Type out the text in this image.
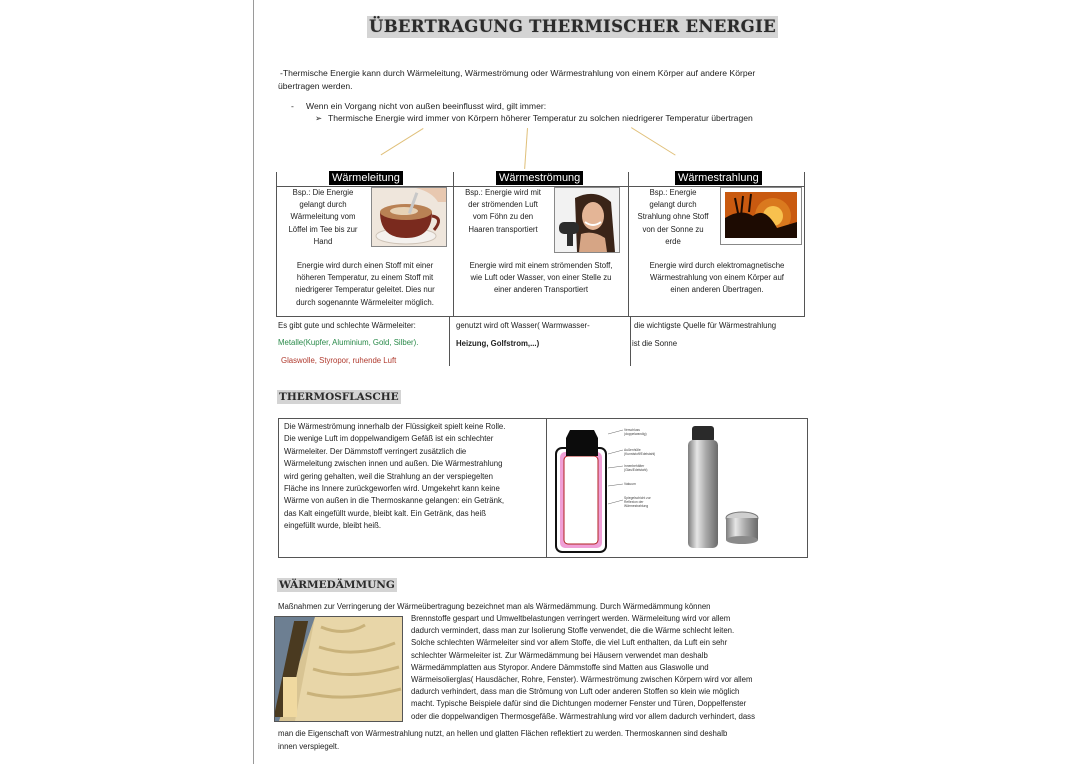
ÜBERTRAGUNG THERMISCHER ENERGIE
-Thermische Energie kann durch Wärmeleitung, Wärmeströmung oder Wärmestrahlung von einem Körper auf andere Körper
übertragen werden.
- Wenn ein Vorgang nicht von außen beeinflusst wird, gilt immer:
➢ Thermische Energie wird immer von Körpern höherer Temperatur zu solchen niedrigerer Temperatur übertragen
Wärmeleitung	Wärmeströmung	Wärmestrahlung
Bsp.: Die Energie
gelangt durch
Wärmeleitung vom
Löffel im Tee bis zur
Hand
Bsp.: Energie wird mit
der strömenden Luft
vom Föhn zu den
Haaren transportiert
Bsp.: Energie
gelangt durch
Strahlung ohne Stoff
von der Sonne zu
erde
Energie wird durch einen Stoff mit einer
höheren Temperatur, zu einem Stoff mit
niedrigerer Temperatur geleitet. Dies nur
durch sogenannte Wärmeleiter möglich.
Energie wird mit einem strömenden Stoff,
wie Luft oder Wasser, von einer Stelle zu
einer anderen Transportiert
Energie wird durch elektromagnetische
Wärmestrahlung von einem Körper auf
einen anderen Übertragen.
Es gibt gute und schlechte Wärmeleiter:
Metalle(Kupfer, Aluminium, Gold, Silber).
Glaswolle, Styropor, ruhende Luft
genutzt wird oft Wasser( Warmwasser-
Heizung, Golfstrom,...)
die wichtigste Quelle für Wärmestrahlung
ist die Sonne
THERMOSFLASCHE
Die Wärmeströmung innerhalb der Flüssigkeit spielt keine Rolle.
Die wenige Luft im doppelwandigem Gefäß ist ein schlechter
Wärmeleiter. Der Dämmstoff verringert zusätzlich die
Wärmeleitung zwischen innen und außen. Die Wärmestrahlung
wird gering gehalten, weil die Strahlung an der verspiegelten
Fläche ins Innere zurückgeworfen wird. Umgekehrt kann keine
Wärme von außen in die Thermoskanne gelangen: ein Getränk,
das Kalt eingefüllt wurde, bleibt kalt. Ein Getränk, das heiß
eingefüllt wurde, bleibt heiß.
Verschluss (doppelwandig)
Außenhülle (Kunststoff/Edelstahl)
Innenbehälter (Glas/Edelstahl)
Vakuum
Spiegelschicht zur Reflexion der Wärmestrahlung
WÄRMEDÄMMUNG
Maßnahmen zur Verringerung der Wärmeübertragung bezeichnet man als Wärmedämmung. Durch Wärmedämmung können
Brennstoffe gespart und Umweltbelastungen verringert werden. Wärmeleitung wird vor allem
dadurch vermindert, dass man zur Isolierung Stoffe verwendet, die die Wärme schlecht leiten.
Solche schlechten Wärmeleiter sind vor allem Stoffe, die viel Luft enthalten, da Luft ein sehr
schlechter Wärmeleiter ist. Zur Wärmedämmung bei Häusern verwendet man deshalb
Wärmedämmplatten aus Styropor. Andere Dämmstoffe sind Matten aus Glaswolle und
Wärmeisolierglas( Hausdächer, Rohre, Fenster). Wärmeströmung zwischen Körpern wird vor allem
dadurch verhindert, dass man die Strömung von Luft oder anderen Stoffen so klein wie möglich
macht. Typische Beispiele dafür sind die Dichtungen moderner Fenster und Türen, Doppelfenster
oder die doppelwandigen Thermosgefäße. Wärmestrahlung wird vor allem dadurch verhindert, dass
man die Eigenschaft von Wärmestrahlung nutzt, an hellen und glatten Flächen reflektiert zu werden. Thermoskannen sind deshalb
innen verspiegelt.
